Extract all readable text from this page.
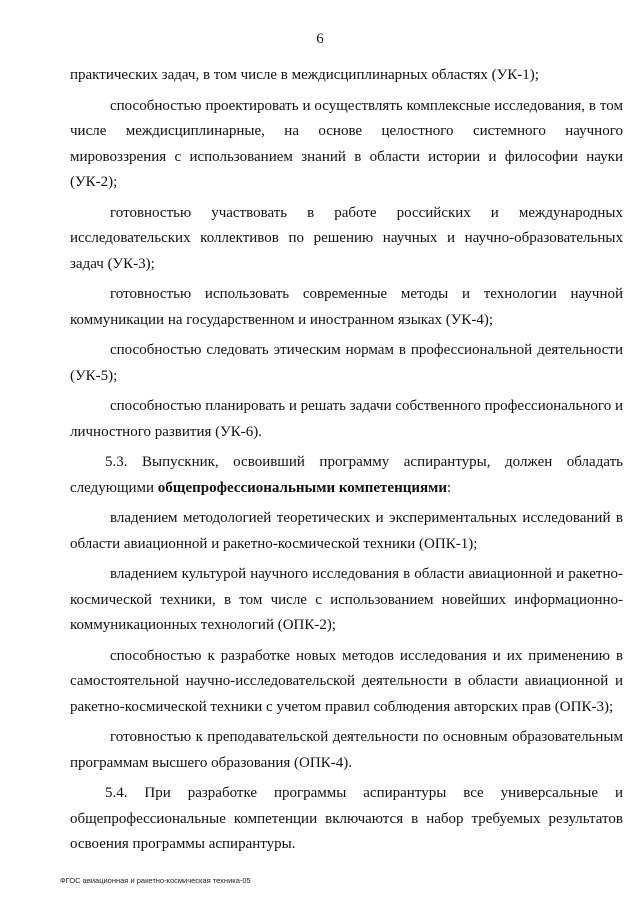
6

практических задач, в том числе в междисциплинарных областях (УК-1);

способностью проектировать и осуществлять комплексные исследования, в том числе междисциплинарные, на основе целостного системного научного мировоззрения с использованием знаний в области истории и философии науки (УК-2);

готовностью участвовать в работе российских и международных исследовательских коллективов по решению научных и научно-образовательных задач (УК-3);

готовностью использовать современные методы и технологии научной коммуникации на государственном и иностранном языках (УК-4);

способностью следовать этическим нормам в профессиональной деятельности (УК-5);

способностью планировать и решать задачи собственного профессионального и личностного развития (УК-6).

5.3. Выпускник, освоивший программу аспирантуры, должен обладать следующими общепрофессиональными компетенциями:

владением методологией теоретических и экспериментальных исследований в области авиационной и ракетно-космической техники (ОПК-1);

владением культурой научного исследования в области авиационной и ракетно-космической техники, в том числе с использованием новейших информационно-коммуникационных технологий (ОПК-2);

способностью к разработке новых методов исследования и их применению в самостоятельной научно-исследовательской деятельности в области авиационной и ракетно-космической техники с учетом правил соблюдения авторских прав (ОПК-3);

готовностью к преподавательской деятельности по основным образовательным программам высшего образования (ОПК-4).

5.4. При разработке программы аспирантуры все универсальные и общепрофессиональные компетенции включаются в набор требуемых результатов освоения программы аспирантуры.

ФГОС авиационная и ракетно-космическая техника-05
